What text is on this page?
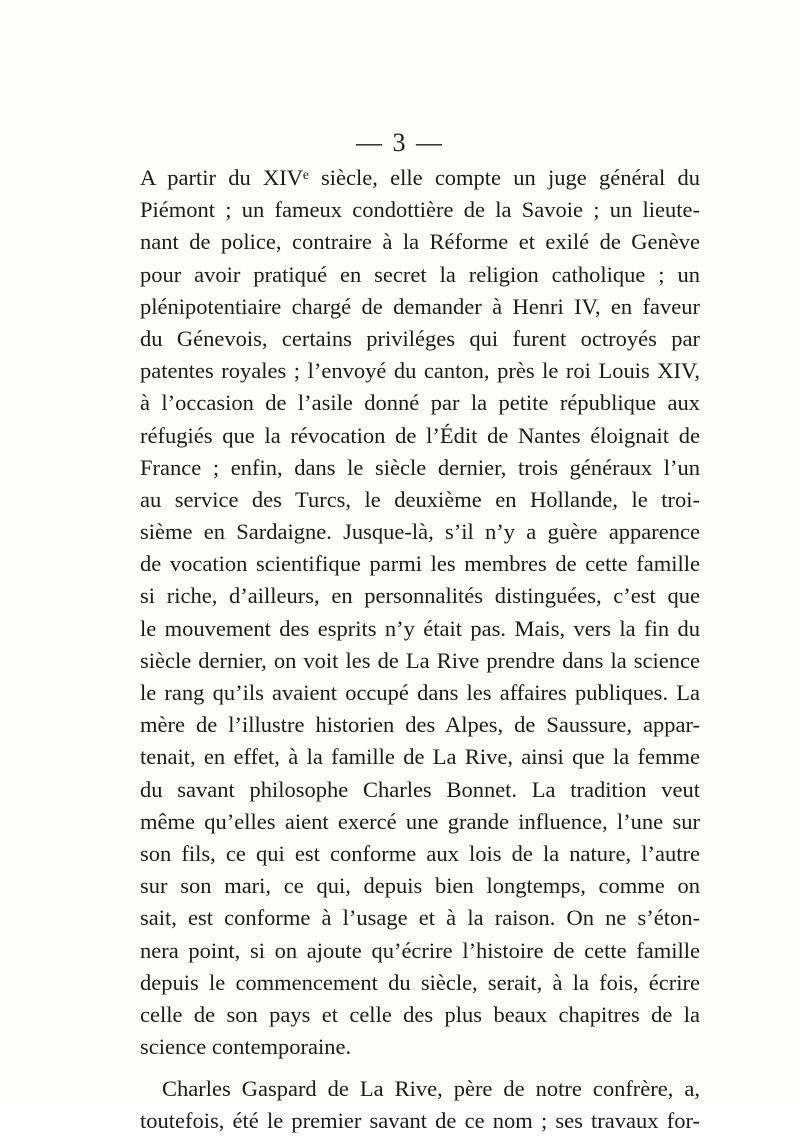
— 3 —
A partir du XIVᵉ siècle, elle compte un juge général du
Piémont ; un fameux condottière de la Savoie ; un lieute-
nant de police, contraire à la Réforme et exilé de Genève
pour avoir pratiqué en secret la religion catholique ; un
plénipotentiaire chargé de demander à Henri IV, en faveur
du Génevois, certains priviléges qui furent octroyés par
patentes royales ; l’envoyé du canton, près le roi Louis XIV,
à l’occasion de l’asile donné par la petite république aux
réfugiés que la révocation de l’Édit de Nantes éloignait de
France ; enfin, dans le siècle dernier, trois généraux l’un
au service des Turcs, le deuxième en Hollande, le troi-
sième en Sardaigne. Jusque-là, s’il n’y a guère apparence
de vocation scientifique parmi les membres de cette famille
si riche, d’ailleurs, en personnalités distinguées, c’est que
le mouvement des esprits n’y était pas. Mais, vers la fin du
siècle dernier, on voit les de La Rive prendre dans la science
le rang qu’ils avaient occupé dans les affaires publiques. La
mère de l’illustre historien des Alpes, de Saussure, appar-
tenait, en effet, à la famille de La Rive, ainsi que la femme
du savant philosophe Charles Bonnet. La tradition veut
même qu’elles aient exercé une grande influence, l’une sur
son fils, ce qui est conforme aux lois de la nature, l’autre
sur son mari, ce qui, depuis bien longtemps, comme on
sait, est conforme à l’usage et à la raison. On ne s’éton-
nera point, si on ajoute qu’écrire l’histoire de cette famille
depuis le commencement du siècle, serait, à la fois, écrire
celle de son pays et celle des plus beaux chapitres de la
science contemporaine.
Charles Gaspard de La Rive, père de notre confrère, a,
toutefois, été le premier savant de ce nom ; ses travaux for-
